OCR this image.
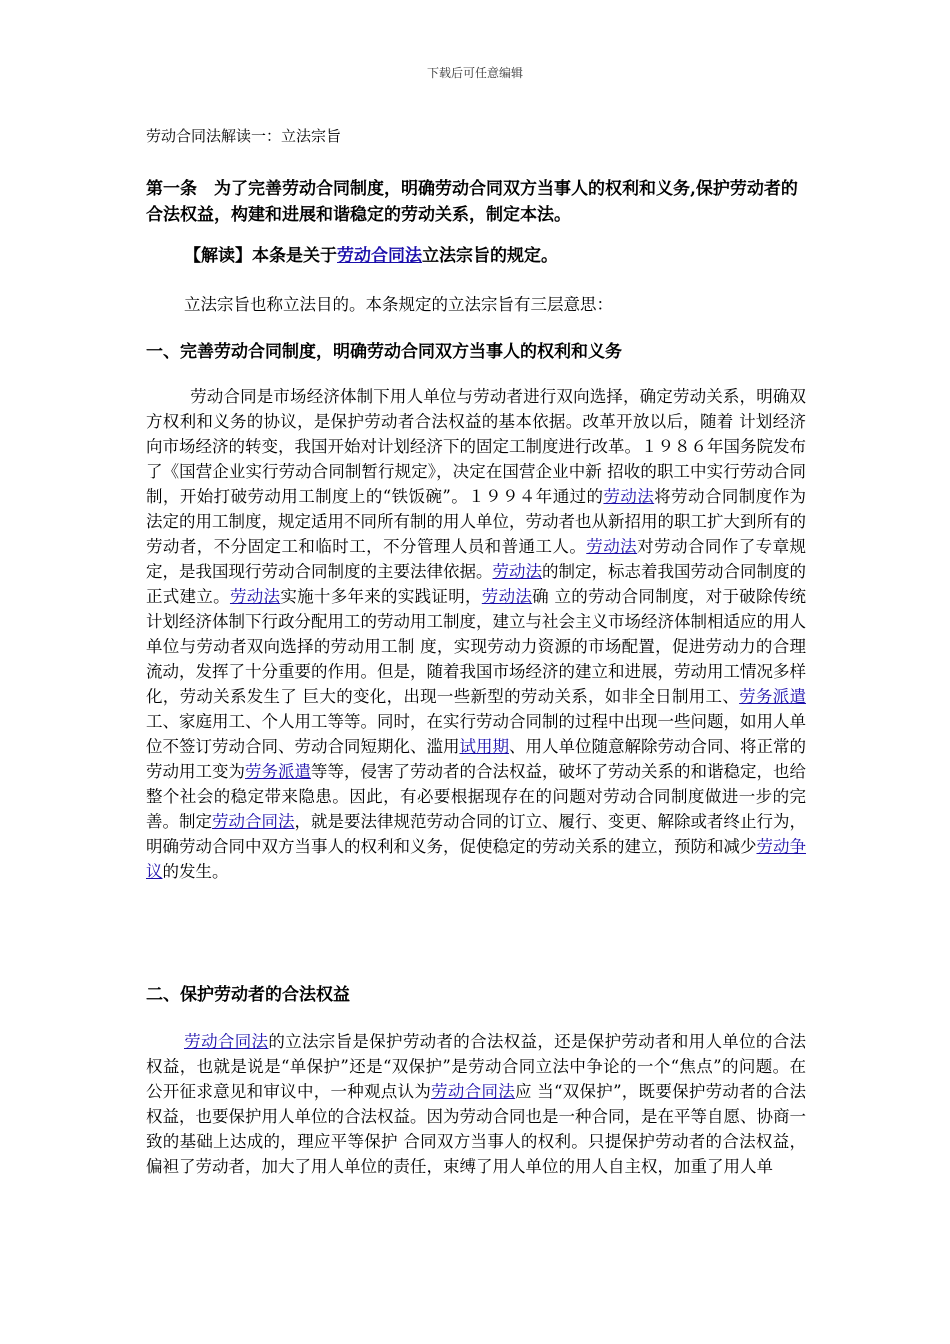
下载后可任意编辑
劳动合同法解读一：立法宗旨
第一条　为了完善劳动合同制度，明确劳动合同双方当事人的权利和义务,保护劳动者的合法权益，构建和进展和谐稳定的劳动关系，制定本法。
【解读】本条是关于劳动合同法立法宗旨的规定。
立法宗旨也称立法目的。本条规定的立法宗旨有三层意思：
一、完善劳动合同制度，明确劳动合同双方当事人的权利和义务
劳动合同是市场经济体制下用人单位与劳动者进行双向选择，确定劳动关系，明确双方权利和义务的协议，是保护劳动者合法权益的基本依据。改革开放以后，随着 计划经济向市场经济的转变，我国开始对计划经济下的固定工制度进行改革。１９８６年国务院发布了《国营企业实行劳动合同制暂行规定》，决定在国营企业中新 招收的职工中实行劳动合同制，开始打破劳动用工制度上的“铁饭碗”。１９９４年通过的劳动法将劳动合同制度作为法定的用工制度，规定适用不同所有制的用人单位，劳动者也从新招用的职工扩大到所有的劳动者，不分固定工和临时工，不分管理人员和普通工人。劳动法对劳动合同作了专章规定，是我国现行劳动合同制度的主要法律依据。劳动法的制定，标志着我国劳动合同制度的正式建立。劳动法实施十多年来的实践证明，劳动法确 立的劳动合同制度，对于破除传统计划经济体制下行政分配用工的劳动用工制度，建立与社会主义市场经济体制相适应的用人单位与劳动者双向选择的劳动用工制 度，实现劳动力资源的市场配置，促进劳动力的合理流动，发挥了十分重要的作用。但是，随着我国市场经济的建立和进展，劳动用工情况多样化，劳动关系发生了 巨大的变化，出现一些新型的劳动关系，如非全日制用工、劳务派遣工、家庭用工、个人用工等等。同时，在实行劳动合同制的过程中出现一些问题，如用人单位不签订劳动合同、劳动合同短期化、滥用试用期、用人单位随意解除劳动合同、将正常的劳动用工变为劳务派遣等等，侵害了劳动者的合法权益，破坏了劳动关系的和谐稳定，也给整个社会的稳定带来隐患。因此，有必要根据现存在的问题对劳动合同制度做进一步的完善。制定劳动合同法，就是要法律规范劳动合同的订立、履行、变更、解除或者终止行为，明确劳动合同中双方当事人的权利和义务，促使稳定的劳动关系的建立，预防和减少劳动争议的发生。
二、保护劳动者的合法权益
劳动合同法的立法宗旨是保护劳动者的合法权益，还是保护劳动者和用人单位的合法权益，也就是说是“单保护”还是“双保护”是劳动合同立法中争论的一个“焦点”的问题。在公开征求意见和审议中，一种观点认为劳动合同法应 当“双保护”，既要保护劳动者的合法权益，也要保护用人单位的合法权益。因为劳动合同也是一种合同，是在平等自愿、协商一致的基础上达成的，理应平等保护 合同双方当事人的权利。只提保护劳动者的合法权益，偏袒了劳动者，加大了用人单位的责任，束缚了用人单位的用人自主权，加重了用人单
